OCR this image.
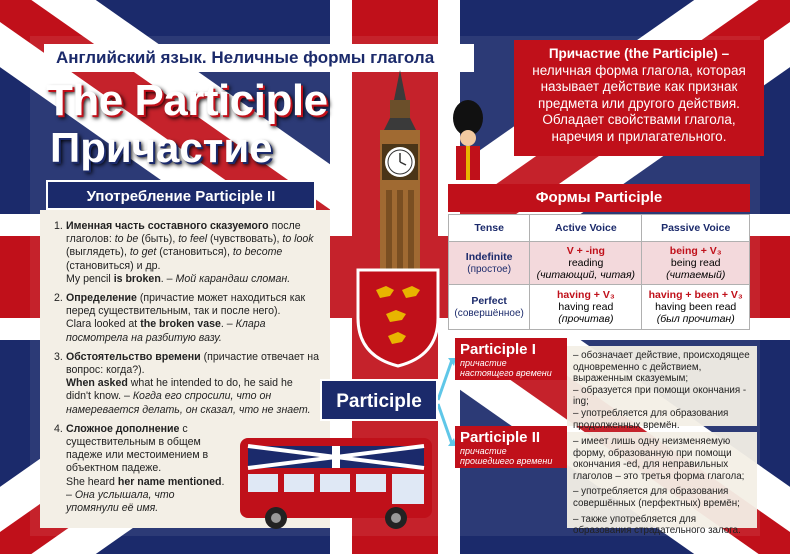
Английский язык. Неличные формы глагола
The Participle
Причастие
Причастие (the Participle) – неличная форма глагола, которая называет действие как признак предмета или другого действия. Обладает свойствами глагола, наречия и прилагательного.
Употребление Participle II
1. Именная часть составного сказуемого после глаголов: to be (быть), to feel (чувствовать), to look (выглядеть), to get (становиться), to become (становиться) и др.
My pencil is broken. – Мой карандаш сломан.
2. Определение (причастие может находиться как перед существительным, так и после него).
Clara looked at the broken vase. – Клара посмотрела на разбитую вазу.
3. Обстоятельство времени (причастие отвечает на вопрос: когда?).
When asked what he intended to do, he said he didn't know. – Когда его спросили, что он намеревается делать, он сказал, что не знает.
4. Сложное дополнение с существительным в общем падеже или местоимением в объектном падеже.
She heard her name mentioned. – Она услышала, что упомянули её имя.
Формы Participle
Tense	Active Voice	Passive Voice
Indefinite
(простое)	V + -ing
reading
(читающий, читая)	being + V₃
being read
(читаемый)
Perfect
(совершённое)	having + V₃
having read
(прочитав)	having + been + V₃
having been read
(был прочитан)
Participle
Participle I
причастие настоящего времени
– обозначает действие, происходящее одновременно с действием, выраженным сказуемым;
– образуется при помощи окончания -ing;
– употребляется для образования продолженных времён.
Participle II
причастие прошедшего времени
– имеет лишь одну неизменяемую форму, образованную при помощи окончания -ed, для неправильных глаголов – это третья форма глагола;
– употребляется для образования совершённых (перфектных) времён;
– также употребляется для образования страдательного залога.
